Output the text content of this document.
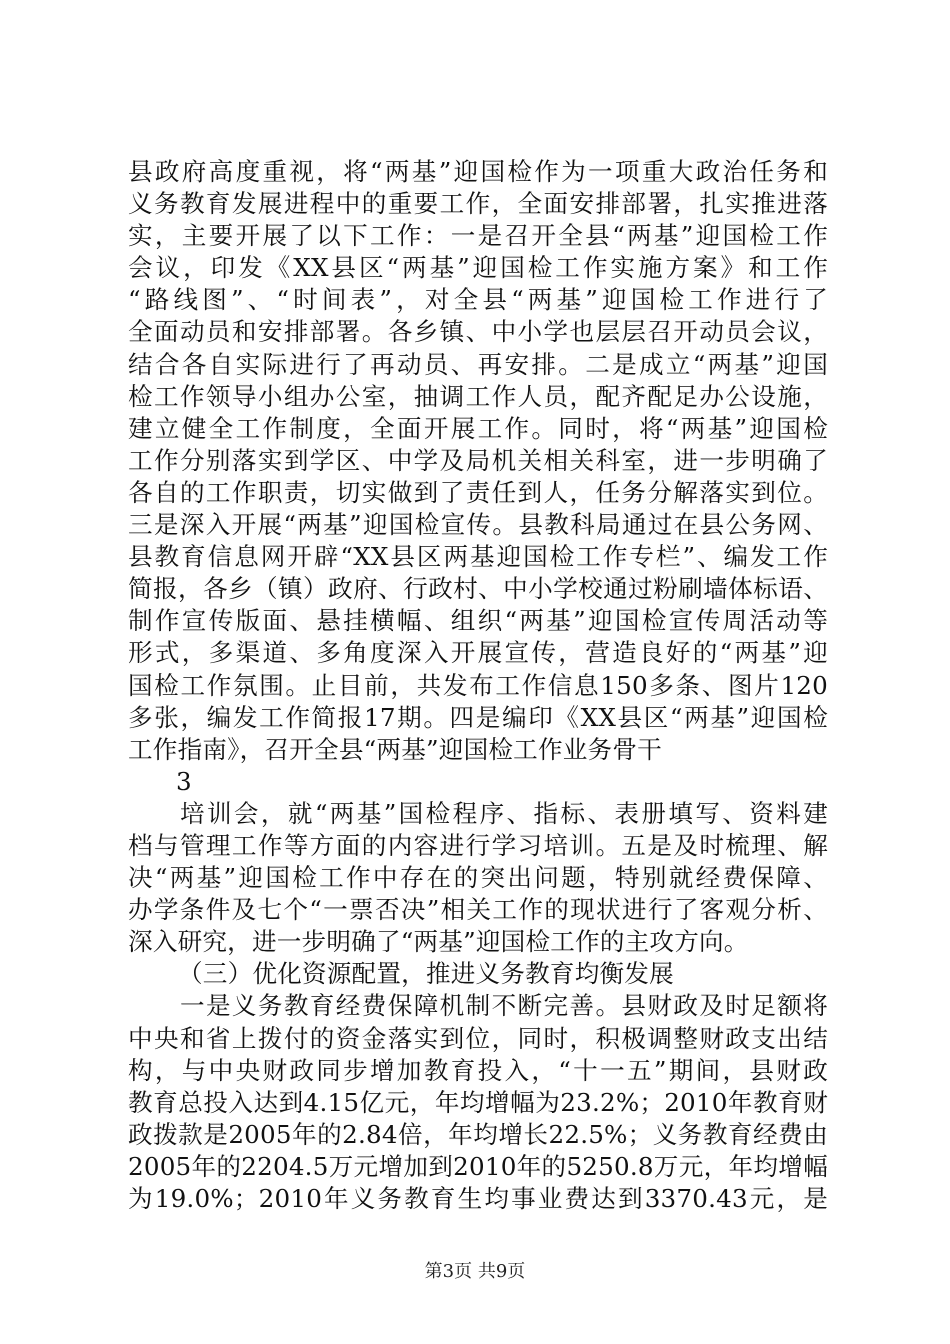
县政府高度重视，将“两基”迎国检作为一项重大政治任务和
义务教育发展进程中的重要工作，全面安排部署，扎实推进落
实，主要开展了以下工作：一是召开全县“两基”迎国检工作
会议，印发《XX县区“两基”迎国检工作实施方案》和工作
“路线图”、“时间表”，对全县“两基”迎国检工作进行了
全面动员和安排部署。各乡镇、中小学也层层召开动员会议，
结合各自实际进行了再动员、再安排。二是成立“两基”迎国
检工作领导小组办公室，抽调工作人员，配齐配足办公设施，
建立健全工作制度，全面开展工作。同时，将“两基”迎国检
工作分别落实到学区、中学及局机关相关科室，进一步明确了
各自的工作职责，切实做到了责任到人，任务分解落实到位。
三是深入开展“两基”迎国检宣传。县教科局通过在县公务网、
县教育信息网开辟“XX县区两基迎国检工作专栏”、编发工作
简报，各乡（镇）政府、行政村、中小学校通过粉刷墙体标语、
制作宣传版面、悬挂横幅、组织“两基”迎国检宣传周活动等
形式，多渠道、多角度深入开展宣传，营造良好的“两基”迎
国检工作氛围。止目前，共发布工作信息150多条、图片120
多张，编发工作简报17期。四是编印《XX县区“两基”迎国检
工作指南》，召开全县“两基”迎国检工作业务骨干
3
培训会，就“两基”国检程序、指标、表册填写、资料建
档与管理工作等方面的内容进行学习培训。五是及时梳理、解
决“两基”迎国检工作中存在的突出问题，特别就经费保障、
办学条件及七个“一票否决”相关工作的现状进行了客观分析、
深入研究，进一步明确了“两基”迎国检工作的主攻方向。
（三）优化资源配置，推进义务教育均衡发展
一是义务教育经费保障机制不断完善。县财政及时足额将
中央和省上拨付的资金落实到位，同时，积极调整财政支出结
构，与中央财政同步增加教育投入，“十一五”期间，县财政
教育总投入达到4.15亿元，年均增幅为23.2%；2010年教育财
政拨款是2005年的2.84倍，年均增长22.5%；义务教育经费由
2005年的2204.5万元增加到2010年的5250.8万元，年均增幅
为19.0%；2010年义务教育生均事业费达到3370.43元，是
第3页 共9页
